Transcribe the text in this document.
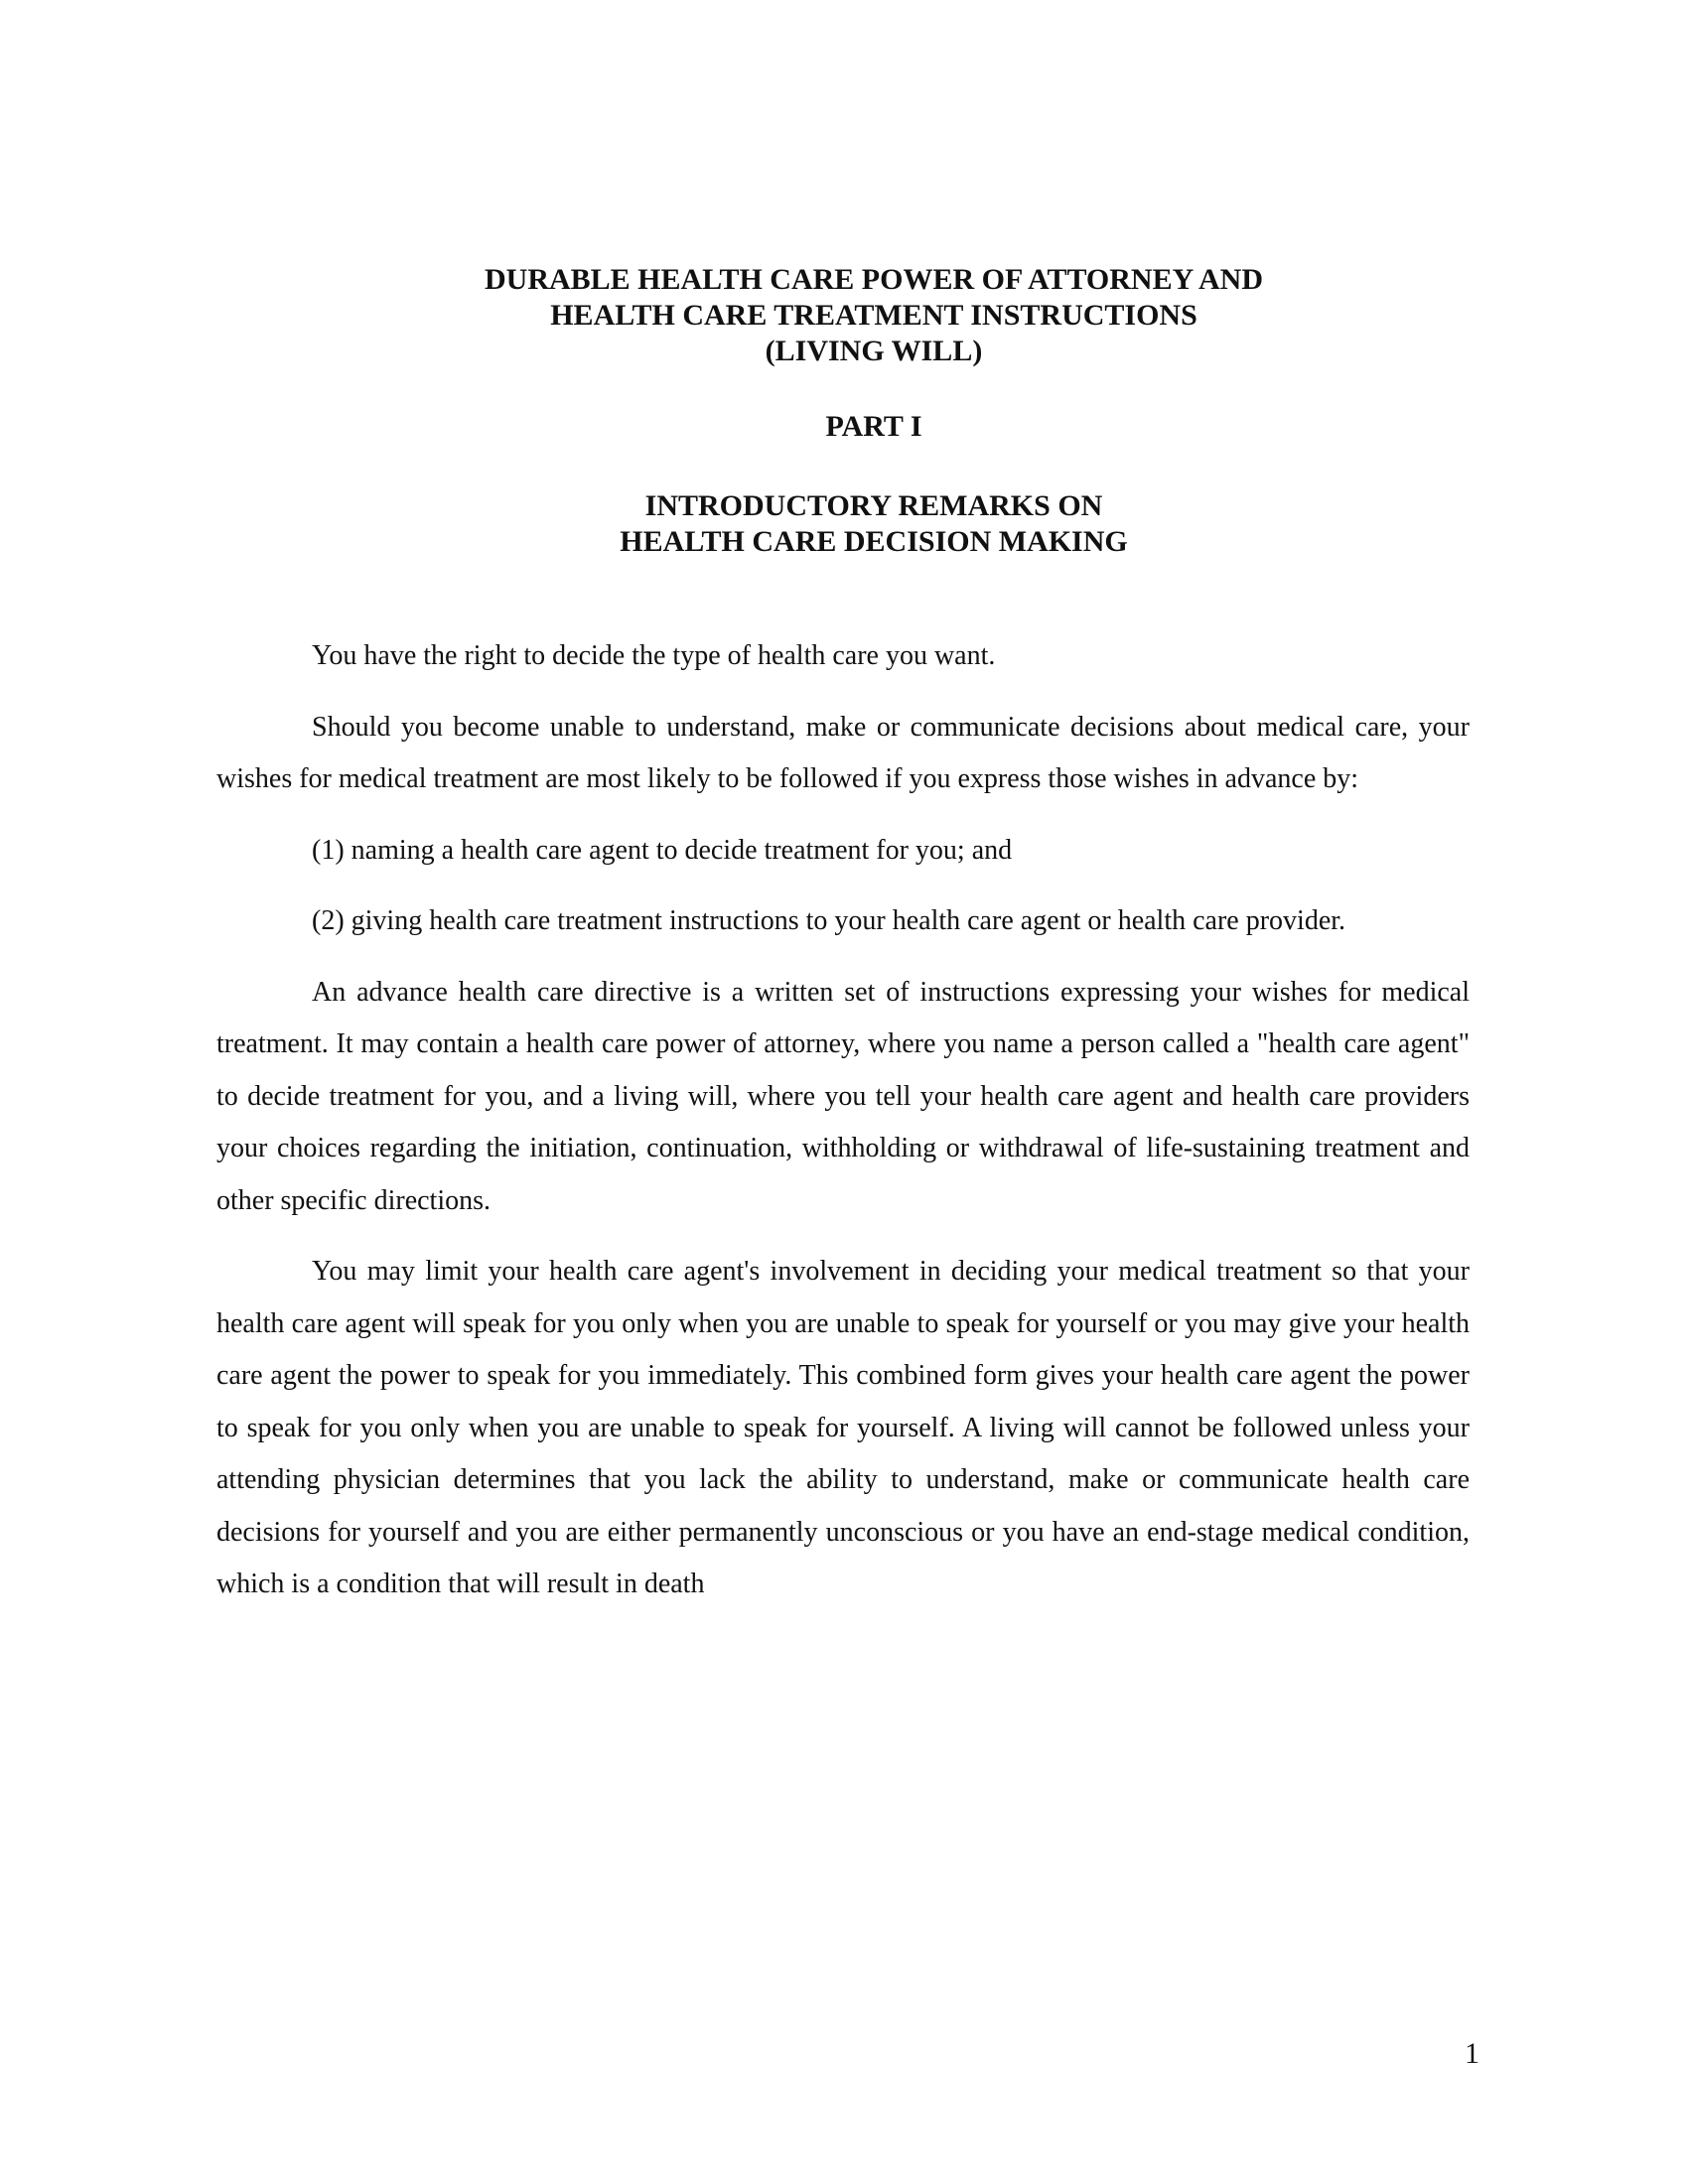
DURABLE HEALTH CARE POWER OF ATTORNEY AND
HEALTH CARE TREATMENT INSTRUCTIONS
(LIVING WILL)
PART I
INTRODUCTORY REMARKS ON
HEALTH CARE DECISION MAKING

You have the right to decide the type of health care you want.

Should you become unable to understand, make or communicate decisions about medical care, your wishes for medical treatment are most likely to be followed if you express those wishes in advance by:

(1) naming a health care agent to decide treatment for you; and

(2) giving health care treatment instructions to your health care agent or health care provider.

An advance health care directive is a written set of instructions expressing your wishes for medical treatment. It may contain a health care power of attorney, where you name a person called a "health care agent" to decide treatment for you, and a living will, where you tell your health care agent and health care providers your choices regarding the initiation, continuation, withholding or withdrawal of life-sustaining treatment and other specific directions.

You may limit your health care agent's involvement in deciding your medical treatment so that your health care agent will speak for you only when you are unable to speak for yourself or you may give your health care agent the power to speak for you immediately. This combined form gives your health care agent the power to speak for you only when you are unable to speak for yourself. A living will cannot be followed unless your attending physician determines that you lack the ability to understand, make or communicate health care decisions for yourself and you are either permanently unconscious or you have an end-stage medical condition, which is a condition that will result in death

1
